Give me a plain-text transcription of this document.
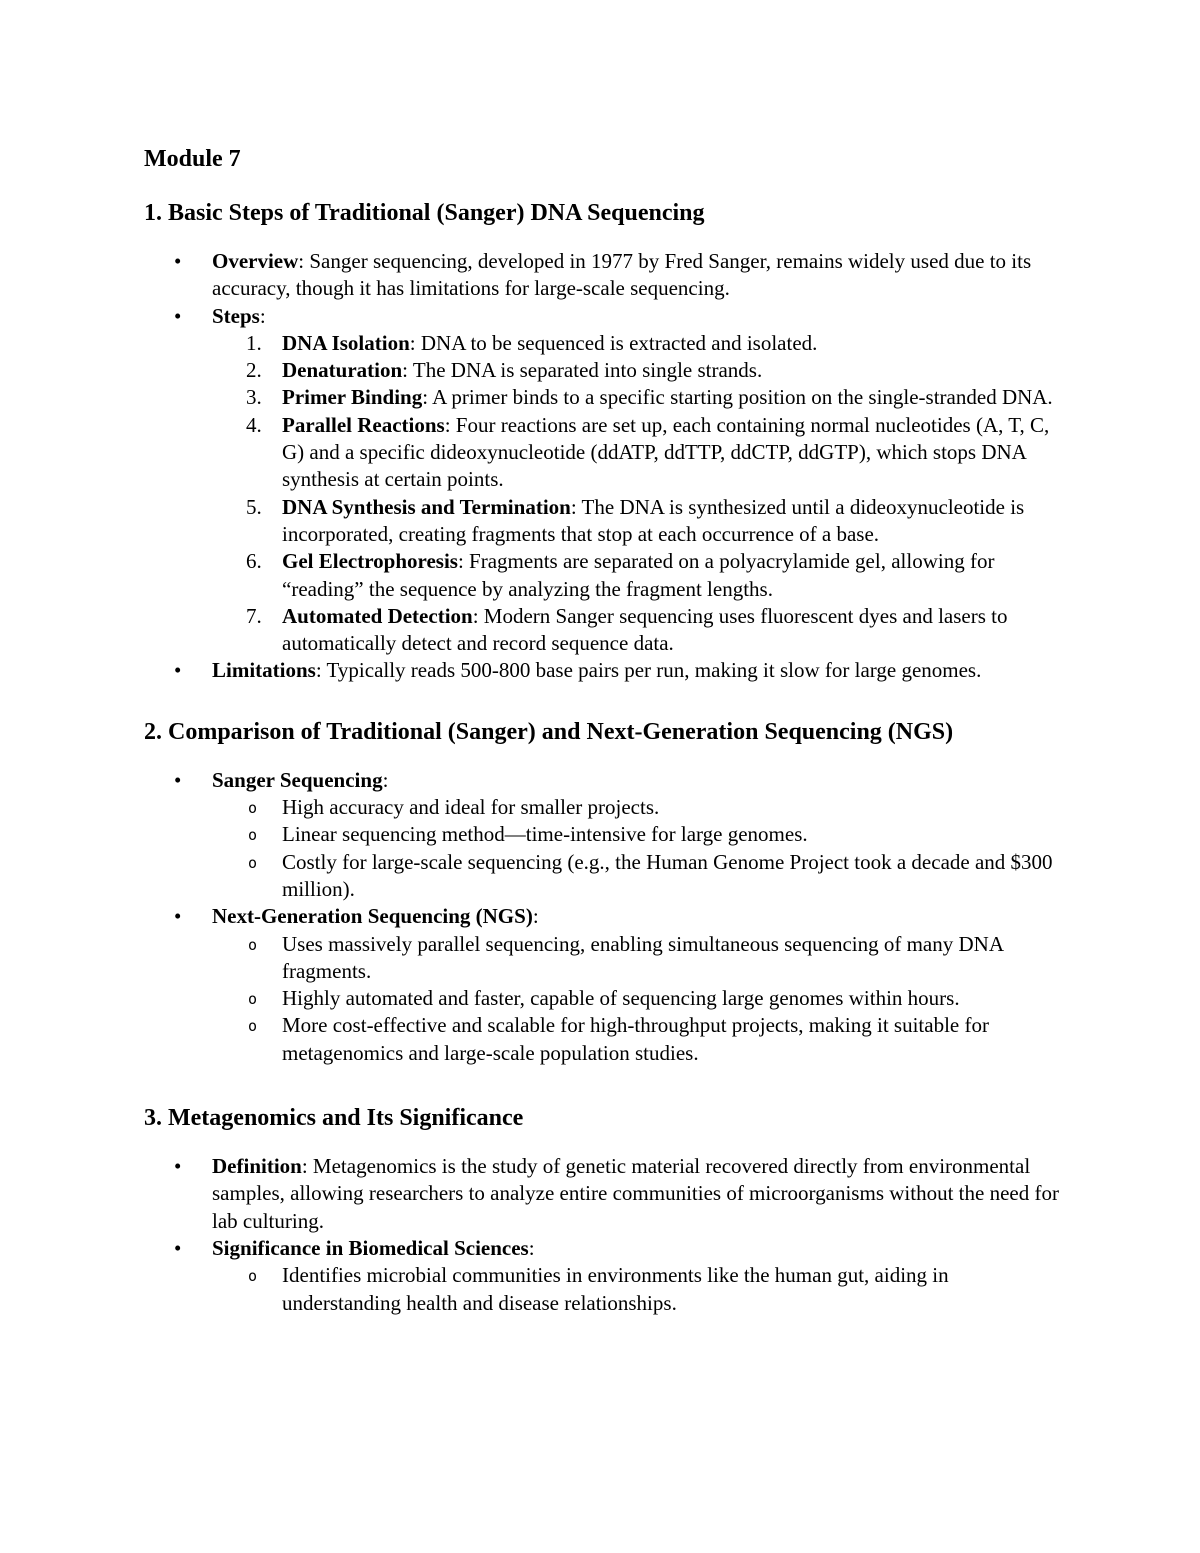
Module 7

1. Basic Steps of Traditional (Sanger) DNA Sequencing

• Overview: Sanger sequencing, developed in 1977 by Fred Sanger, remains widely used due to its accuracy, though it has limitations for large-scale sequencing.
• Steps:
1. DNA Isolation: DNA to be sequenced is extracted and isolated.
2. Denaturation: The DNA is separated into single strands.
3. Primer Binding: A primer binds to a specific starting position on the single-stranded DNA.
4. Parallel Reactions: Four reactions are set up, each containing normal nucleotides (A, T, C, G) and a specific dideoxynucleotide (ddATP, ddTTP, ddCTP, ddGTP), which stops DNA synthesis at certain points.
5. DNA Synthesis and Termination: The DNA is synthesized until a dideoxynucleotide is incorporated, creating fragments that stop at each occurrence of a base.
6. Gel Electrophoresis: Fragments are separated on a polyacrylamide gel, allowing for “reading” the sequence by analyzing the fragment lengths.
7. Automated Detection: Modern Sanger sequencing uses fluorescent dyes and lasers to automatically detect and record sequence data.
• Limitations: Typically reads 500-800 base pairs per run, making it slow for large genomes.

2. Comparison of Traditional (Sanger) and Next-Generation Sequencing (NGS)

• Sanger Sequencing:
o High accuracy and ideal for smaller projects.
o Linear sequencing method—time-intensive for large genomes.
o Costly for large-scale sequencing (e.g., the Human Genome Project took a decade and $300 million).
• Next-Generation Sequencing (NGS):
o Uses massively parallel sequencing, enabling simultaneous sequencing of many DNA fragments.
o Highly automated and faster, capable of sequencing large genomes within hours.
o More cost-effective and scalable for high-throughput projects, making it suitable for metagenomics and large-scale population studies.

3. Metagenomics and Its Significance

• Definition: Metagenomics is the study of genetic material recovered directly from environmental samples, allowing researchers to analyze entire communities of microorganisms without the need for lab culturing.
• Significance in Biomedical Sciences:
o Identifies microbial communities in environments like the human gut, aiding in understanding health and disease relationships.
